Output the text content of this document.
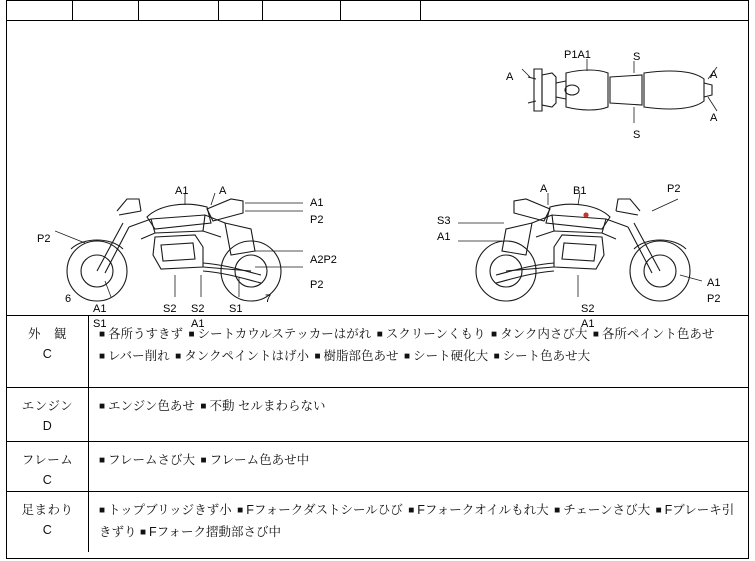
P1A1	S
A	A
A
S
A1	A
A1
P2
P2
A2P2
P2
6	7
A1
S1
S2 S2 S1
A1
A B1	P2
S3
A1
A1
P2
S2
A1
外　観
C
■ 各所うすきず ■ シートカウルステッカーはがれ ■ スクリーンくもり ■ タンク内さび大 ■ 各所ペイント色あせ ■ レバー削れ ■ タンクペイントはげ小 ■ 樹脂部色あせ ■ シート硬化大 ■ シート色あせ大
エンジン
D
■ エンジン色あせ ■ 不動 セルまわらない
フレーム
C
■ フレームさび大 ■ フレーム色あせ中
足まわり
C
■ トップブリッジきず小 ■ Fフォークダストシールひび ■ Fフォークオイルもれ大 ■ チェーンさび大 ■ Fブレーキ引きずり ■ Fフォーク摺動部さび中
